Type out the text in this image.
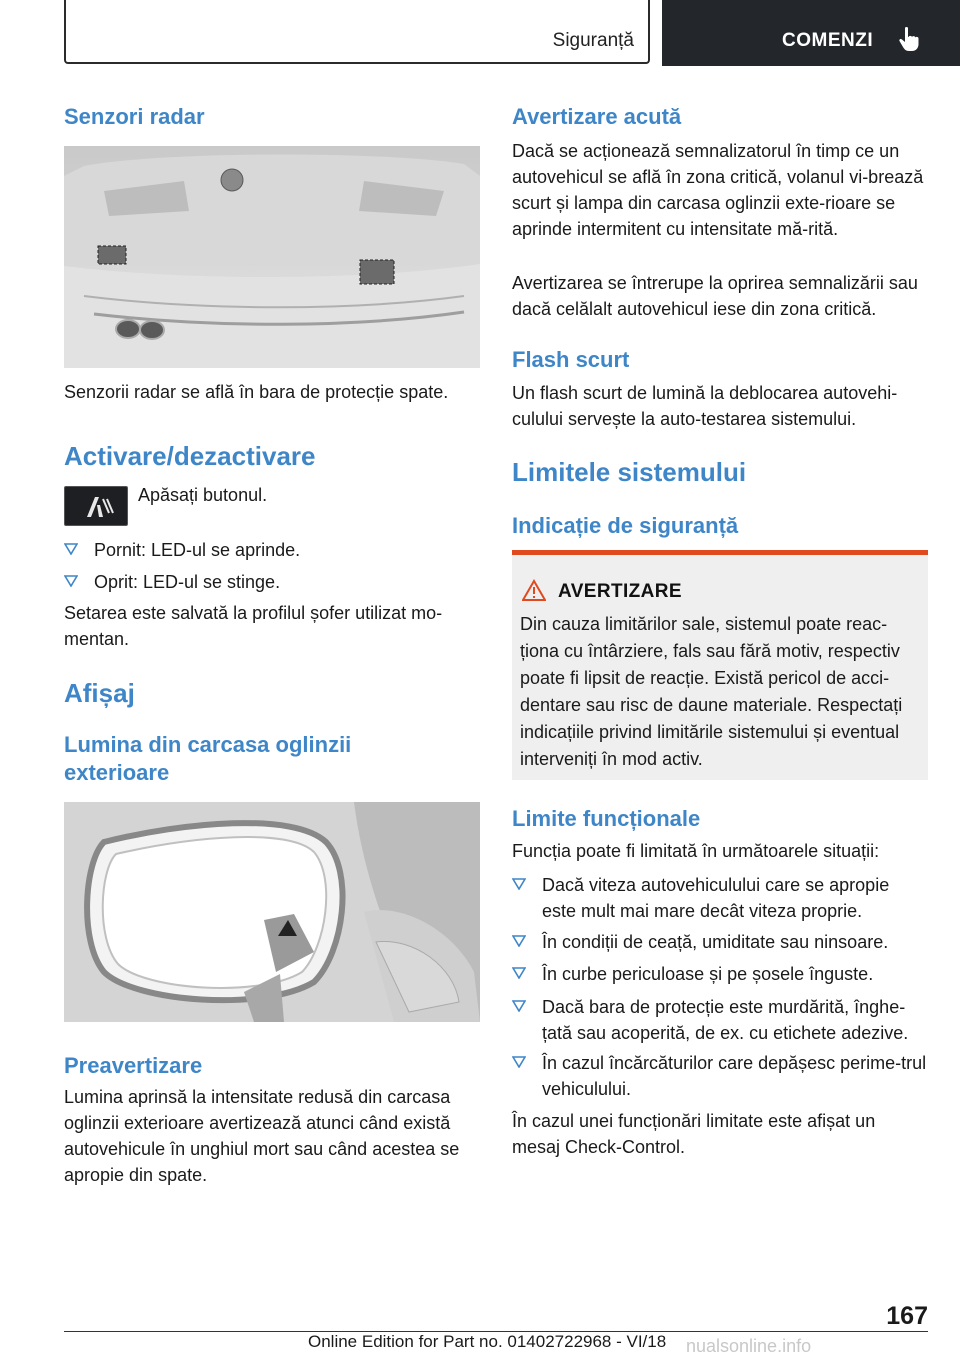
Siguranță	COMENZI
Senzori radar
Senzorii radar se află în bara de protecție spate.
Activare/dezactivare
Apăsați butonul.
Pornit: LED-ul se aprinde.
Oprit: LED-ul se stinge.
Setarea este salvată la profilul șofer utilizat mo-mentan.
Afișaj
Lumina din carcasa oglinzii exterioare
Preavertizare
Lumina aprinsă la intensitate redusă din carcasa oglinzii exterioare avertizează atunci când există autovehicule în unghiul mort sau când acestea se apropie din spate.
Avertizare acută
Dacă se acționează semnalizatorul în timp ce un autovehicul se află în zona critică, volanul vi-brează scurt și lampa din carcasa oglinzii exte-rioare se aprinde intermitent cu intensitate mă-rită.
Avertizarea se întrerupe la oprirea semnalizării sau dacă celălalt autovehicul iese din zona critică.
Flash scurt
Un flash scurt de lumină la deblocarea autovehi-culului servește la auto-testarea sistemului.
Limitele sistemului
Indicație de siguranță
AVERTIZARE
Din cauza limitărilor sale, sistemul poate reac-ționa cu întârziere, fals sau fără motiv, respectiv poate fi lipsit de reacție. Există pericol de acci-dentare sau risc de daune materiale. Respectați indicațiile privind limitările sistemului și eventual interveniți în mod activ.
Limite funcționale
Funcția poate fi limitată în următoarele situații:
Dacă viteza autovehiculului care se apropie este mult mai mare decât viteza proprie.
În condiții de ceață, umiditate sau ninsoare.
În curbe periculoase și pe șosele înguste.
Dacă bara de protecție este murdărită, înghe-țată sau acoperită, de ex. cu etichete adezive.
În cazul încărcăturilor care depășesc perime-trul vehiculului.
În cazul unei funcționări limitate este afișat un mesaj Check-Control.
167
Online Edition for Part no. 01402722968 - VI/18 nualsonline.info
